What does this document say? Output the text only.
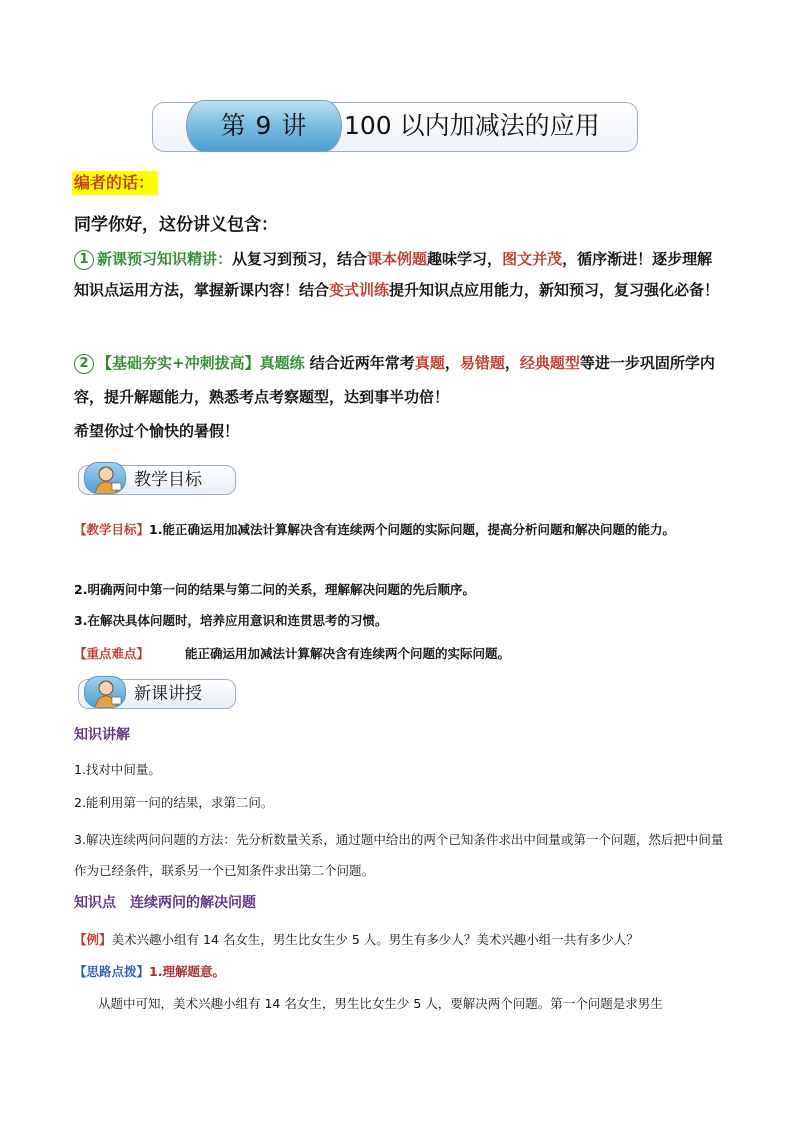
第 9 讲	100 以内加减法的应用
编者的话：
同学你好，这份讲义包含：
1 新课预习知识精讲：从复习到预习，结合课本例题趣味学习，图文并茂，循序渐进！逐步理解知识点运用方法，掌握新课内容！结合变式训练提升知识点应用能力，新知预习，复习强化必备！
2 【基础夯实+冲刺拔高】真题练 结合近两年常考真题，易错题，经典题型等进一步巩固所学内容，提升解题能力，熟悉考点考察题型，达到事半功倍！
希望你过个愉快的暑假！
教学目标
【教学目标】1.能正确运用加减法计算解决含有连续两个问题的实际问题，提高分析问题和解决问题的能力。
2.明确两问中第一问的结果与第二问的关系，理解解决问题的先后顺序。
3.在解决具体问题时，培养应用意识和连贯思考的习惯。
【重点难点】	能正确运用加减法计算解决含有连续两个问题的实际问题。
新课讲授
知识讲解
1.找对中间量。
2.能利用第一问的结果，求第二问。
3.解决连续两问问题的方法：先分析数量关系，通过题中给出的两个已知条件求出中间量或第一个问题，然后把中间量作为已经条件，联系另一个已知条件求出第二个问题。
知识点　连续两问的解决问题
【例】美术兴趣小组有 14 名女生，男生比女生少 5 人。男生有多少人？美术兴趣小组一共有多少人？
【思路点拨】1.理解题意。
从题中可知，美术兴趣小组有 14 名女生，男生比女生少 5 人，要解决两个问题。第一个问题是求男生
